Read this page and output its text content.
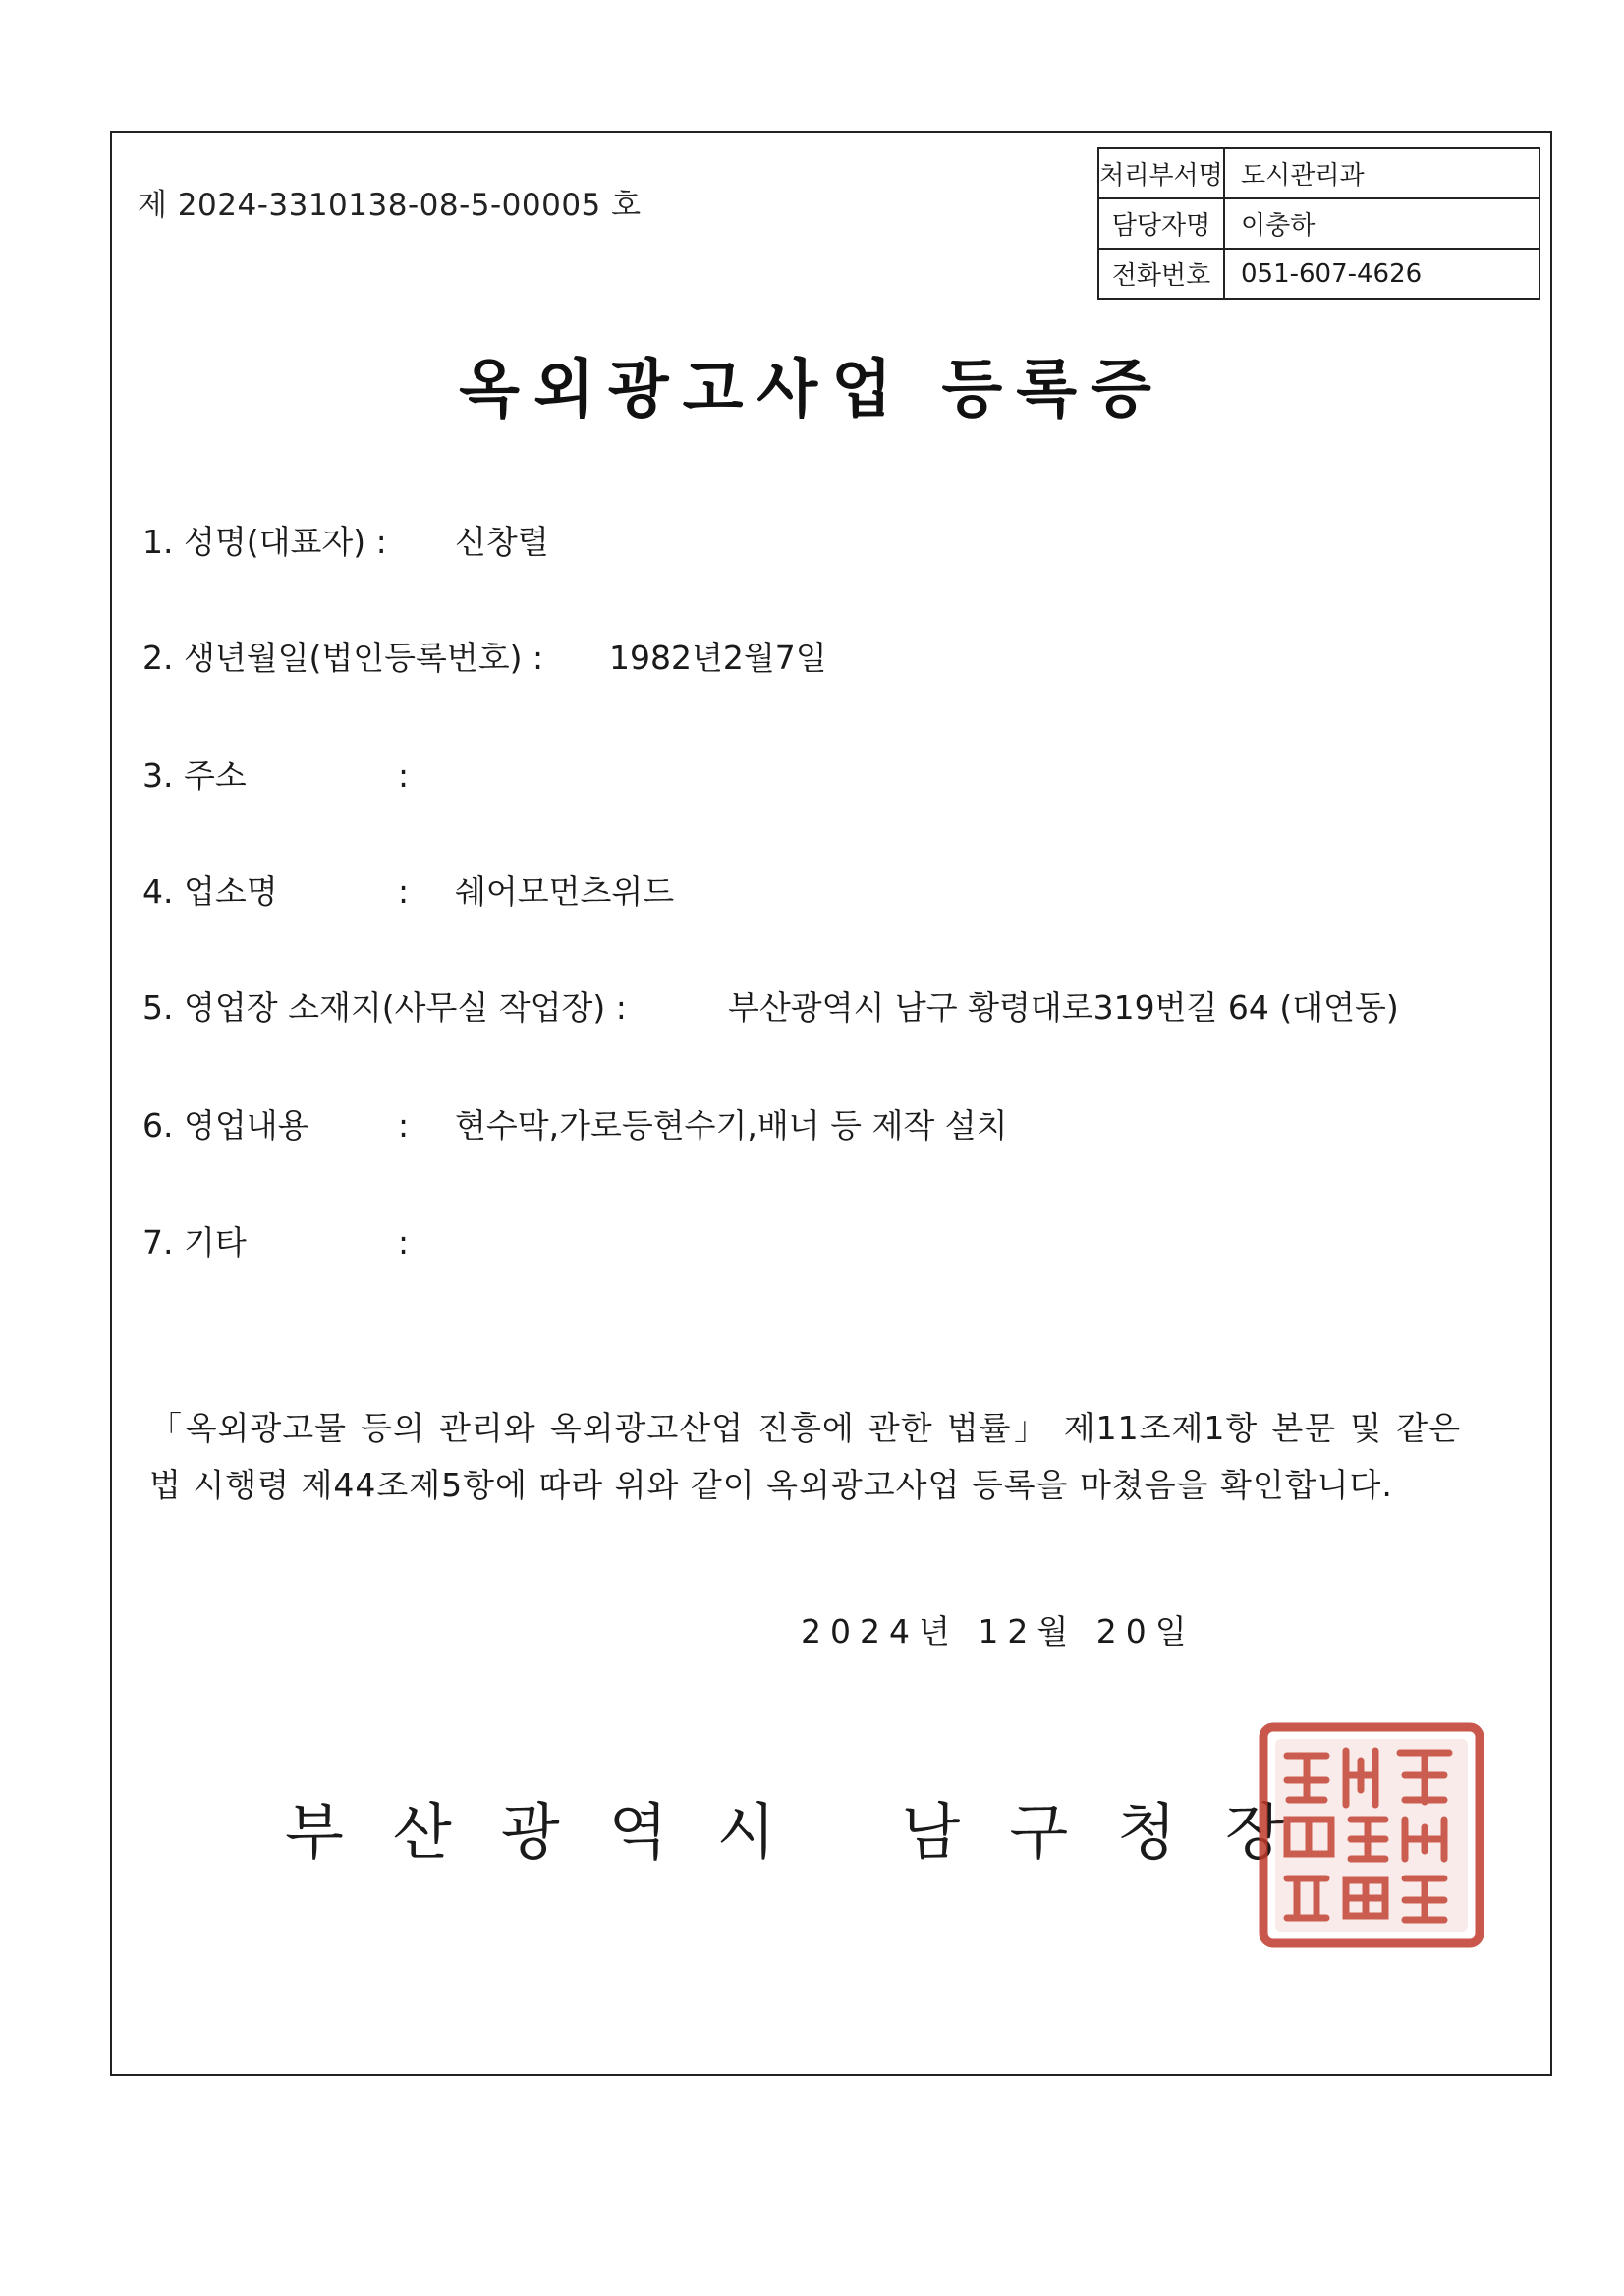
제 2024-3310138-08-5-00005 호
처리부서명	도시관리과
담당자명	이충하
전화번호	051-607-4626
옥외광고사업 등록증
1. 성명(대표자) : 신창렬
2. 생년월일(법인등록번호) : 1982년2월7일
3. 주소	:
4. 업소명	: 쉐어모먼츠위드
5. 영업장 소재지(사무실 작업장) :	부산광역시 남구 황령대로319번길 64 (대연동)
6. 영업내용	: 현수막,가로등현수기,배너 등 제작 설치
7. 기타	:
「옥외광고물 등의 관리와 옥외광고산업 진흥에 관한 법률」 제11조제1항 본문 및 같은 법 시행령 제44조제5항에 따라 위와 같이 옥외광고사업 등록을 마쳤음을 확인합니다.
2024년 12월 20일
부산광역시 남구청장
